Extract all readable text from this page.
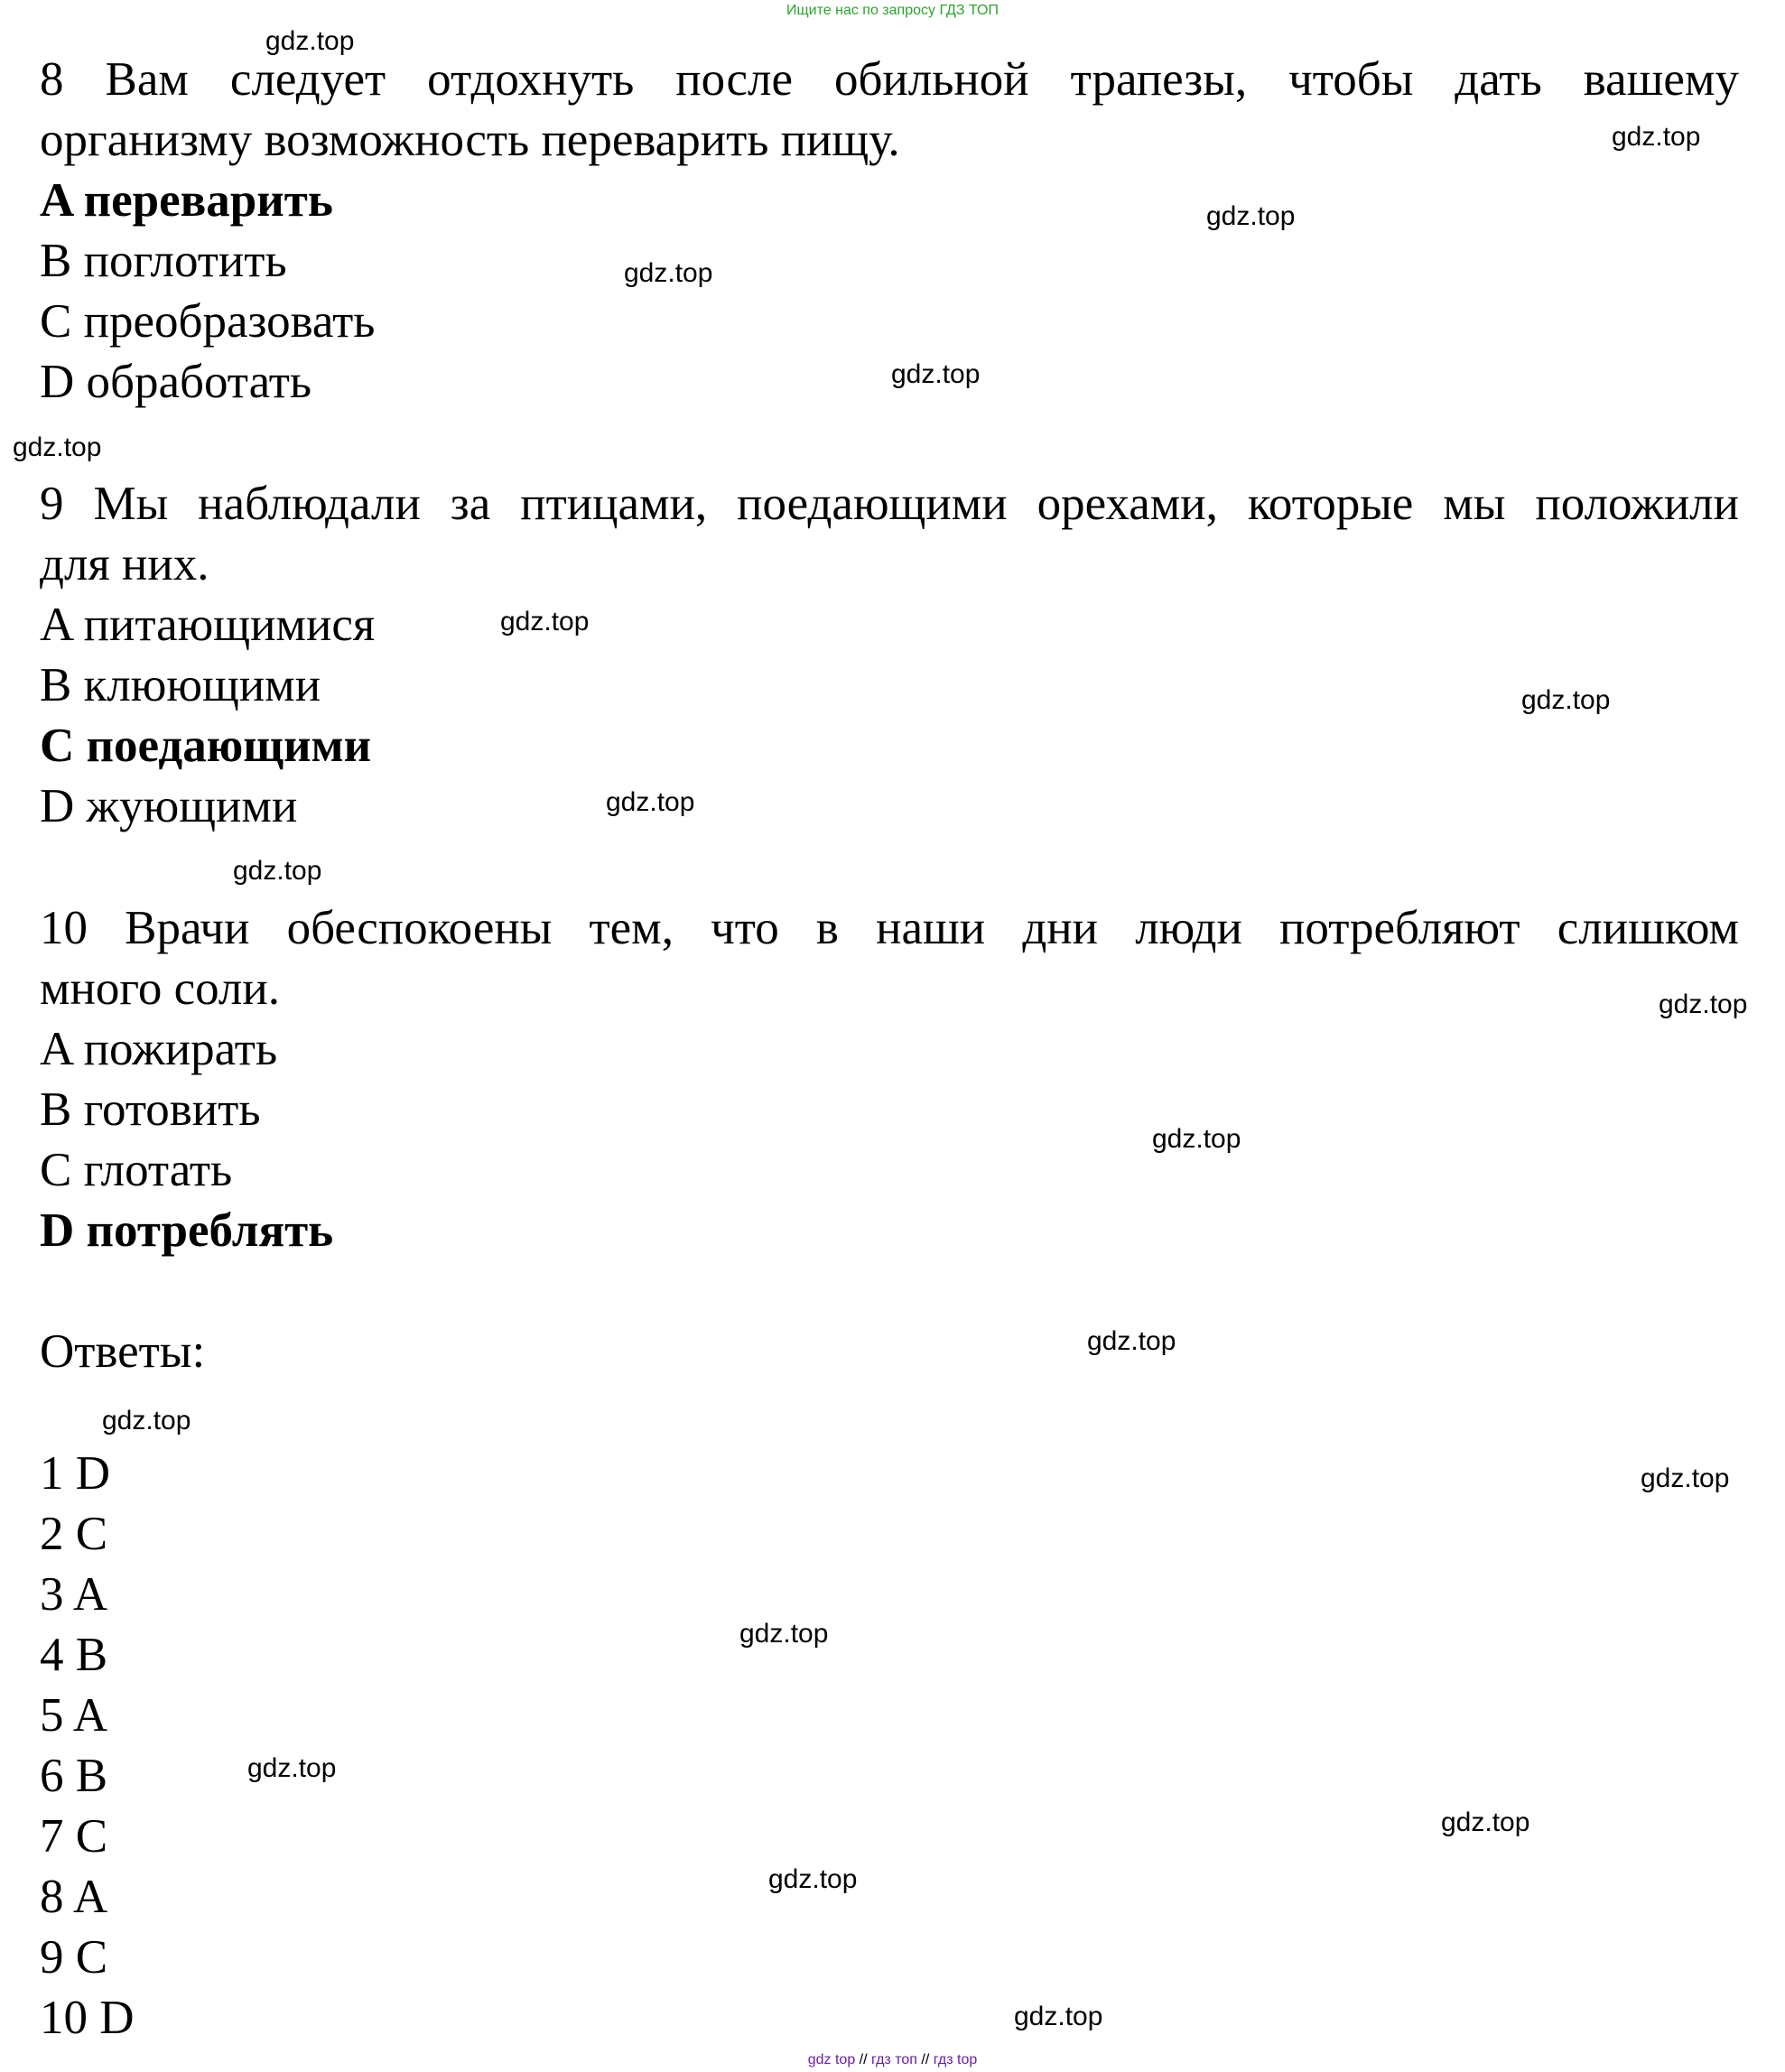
Ищите нас по запросу ГДЗ ТОП
8 Вам следует отдохнуть после обильной трапезы, чтобы дать вашему
организму возможность переварить пищу.
A переварить
B поглотить
C преобразовать
D обработать
9 Мы наблюдали за птицами, поедающими орехами, которые мы положили
для них.
A питающимися
B клюющими
C поедающими
D жующими
10 Врачи обеспокоены тем, что в наши дни люди потребляют слишком
много соли.
A пожирать
B готовить
C глотать
D потреблять
Ответы:
1 D
2 C
3 A
4 B
5 A
6 B
7 C
8 A
9 C
10 D
gdz.top
gdz.top
gdz.top
gdz.top
gdz.top
gdz.top
gdz.top
gdz.top
gdz.top
gdz.top
gdz.top
gdz.top
gdz.top
gdz.top
gdz.top
gdz.top
gdz.top
gdz.top
gdz.top
gdz.top
gdz top // гдз топ // гдз top
